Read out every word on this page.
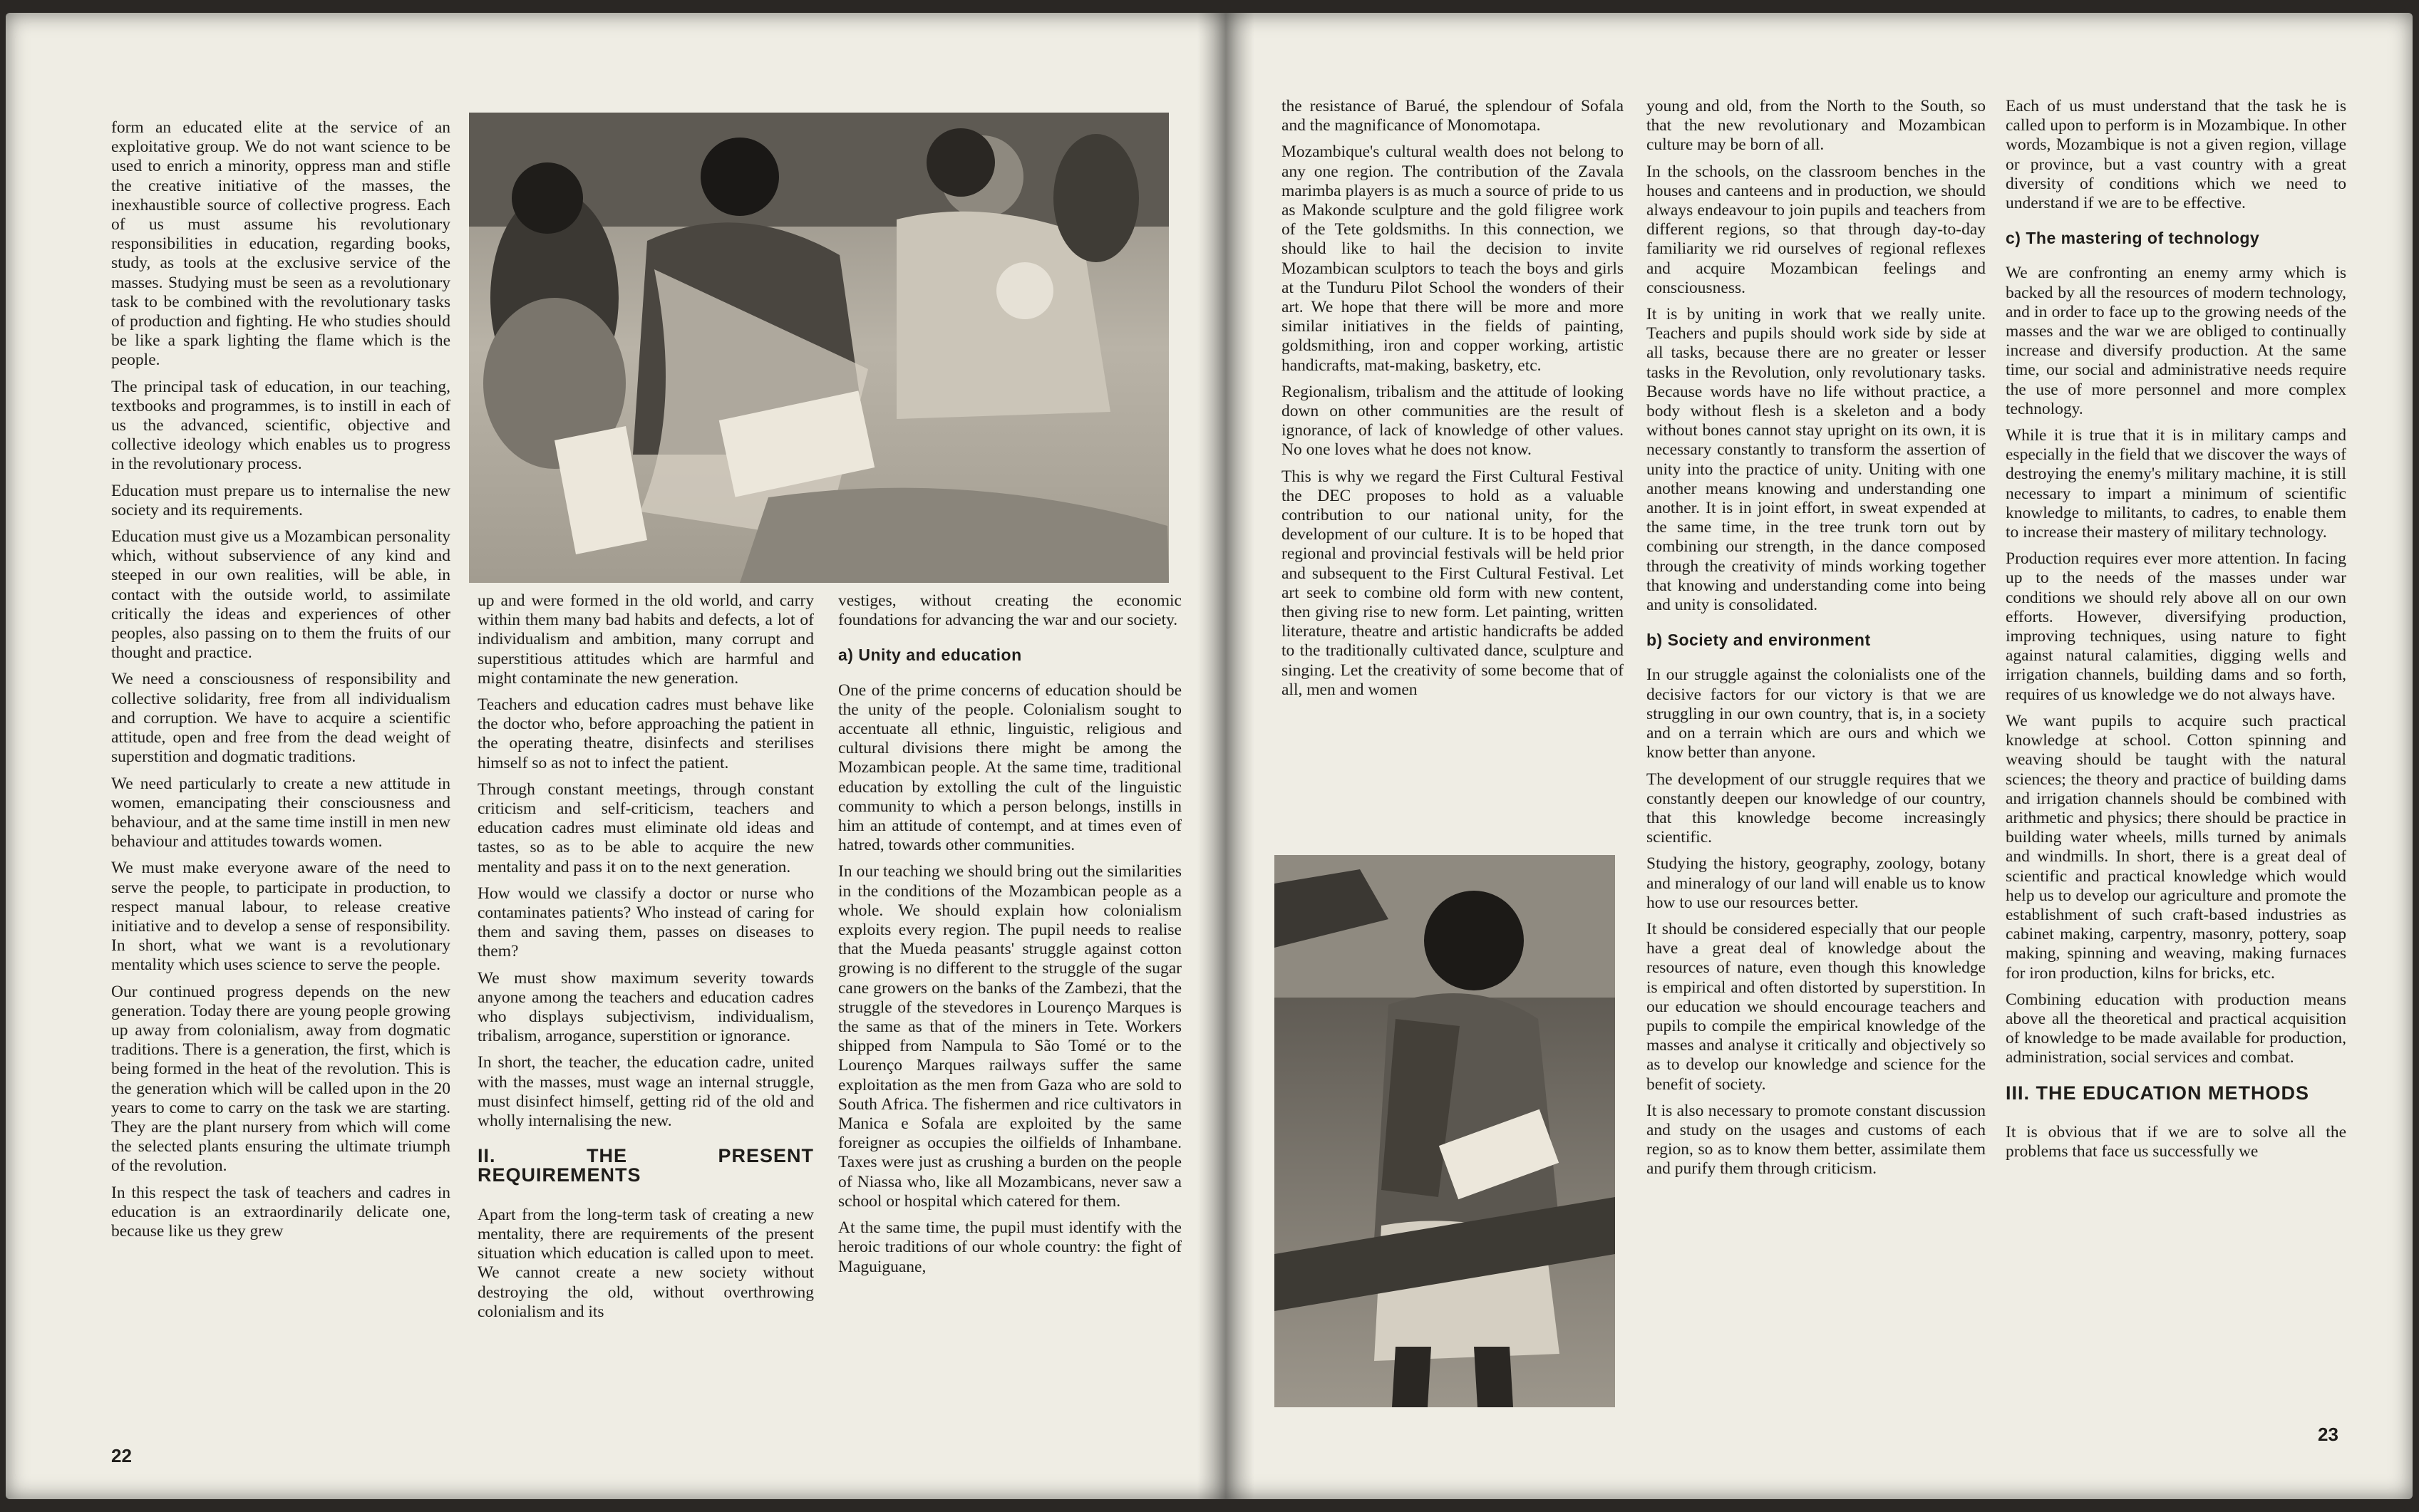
form an educated elite at the service of an exploitative group. We do not want science to be used to enrich a minority, oppress man and stifle the creative initiative of the masses, the inexhaustible source of collective progress. Each of us must assume his revolutionary responsibilities in education, regarding books, study, as tools at the exclusive service of the masses. Studying must be seen as a revolutionary task to be combined with the revolutionary tasks of production and fighting. He who studies should be like a spark lighting the flame which is the people.

The principal task of education, in our teaching, textbooks and programmes, is to instill in each of us the advanced, scientific, objective and collective ideology which enables us to progress in the revolutionary process.

Education must prepare us to internalise the new society and its requirements.

Education must give us a Mozambican personality which, without subservience of any kind and steeped in our own realities, will be able, in contact with the outside world, to assimilate critically the ideas and experiences of other peoples, also passing on to them the fruits of our thought and practice.

We need a consciousness of responsibility and collective solidarity, free from all individualism and corruption. We have to acquire a scientific attitude, open and free from the dead weight of superstition and dogmatic traditions.

We need particularly to create a new attitude in women, emancipating their consciousness and behaviour, and at the same time instill in men new behaviour and attitudes towards women.

We must make everyone aware of the need to serve the people, to participate in production, to respect manual labour, to release creative initiative and to develop a sense of responsibility. In short, what we want is a revolutionary mentality which uses science to serve the people.

Our continued progress depends on the new generation. Today there are young people growing up away from colonialism, away from dogmatic traditions. There is a generation, the first, which is being formed in the heat of the revolution. This is the generation which will be called upon in the 20 years to come to carry on the task we are starting. They are the plant nursery from which will come the selected plants ensuring the ultimate triumph of the revolution.

In this respect the task of teachers and cadres in education is an extraordinarily delicate one, because like us they grew

up and were formed in the old world, and carry within them many bad habits and defects, a lot of individualism and ambition, many corrupt and superstitious attitudes which are harmful and might contaminate the new generation.

Teachers and education cadres must behave like the doctor who, before approaching the patient in the operating theatre, disinfects and sterilises himself so as not to infect the patient.

Through constant meetings, through constant criticism and self-criticism, teachers and education cadres must eliminate old ideas and tastes, so as to be able to acquire the new mentality and pass it on to the next generation.

How would we classify a doctor or nurse who contaminates patients? Who instead of caring for them and saving them, passes on diseases to them?

We must show maximum severity towards anyone among the teachers and education cadres who displays subjectivism, individualism, tribalism, arrogance, superstition or ignorance.

In short, the teacher, the education cadre, united with the masses, must wage an internal struggle, must disinfect himself, getting rid of the old and wholly internalising the new.

II. THE PRESENT REQUIREMENTS

Apart from the long-term task of creating a new mentality, there are requirements of the present situation which education is called upon to meet. We cannot create a new society without destroying the old, without overthrowing colonialism and its

vestiges, without creating the economic foundations for advancing the war and our society.

a) Unity and education

One of the prime concerns of education should be the unity of the people. Colonialism sought to accentuate all ethnic, linguistic, religious and cultural divisions there might be among the Mozambican people. At the same time, traditional education by extolling the cult of the linguistic community to which a person belongs, instills in him an attitude of contempt, and at times even of hatred, towards other communities.

In our teaching we should bring out the similarities in the conditions of the Mozambican people as a whole. We should explain how colonialism exploits every region. The pupil needs to realise that the Mueda peasants' struggle against cotton growing is no different to the struggle of the sugar cane growers on the banks of the Zambezi, that the struggle of the stevedores in Lourenço Marques is the same as that of the miners in Tete. Workers shipped from Nampula to São Tomé or to the Lourenço Marques railways suffer the same exploitation as the men from Gaza who are sold to South Africa. The fishermen and rice cultivators in Manica e Sofala are exploited by the same foreigner as occupies the oilfields of Inhambane. Taxes were just as crushing a burden on the people of Niassa who, like all Mozambicans, never saw a school or hospital which catered for them.

At the same time, the pupil must identify with the heroic traditions of our whole country: the fight of Maguiguane,

22

the resistance of Barué, the splendour of Sofala and the magnificance of Monomotapa.

Mozambique's cultural wealth does not belong to any one region. The contribution of the Zavala marimba players is as much a source of pride to us as Makonde sculpture and the gold filigree work of the Tete goldsmiths. In this connection, we should like to hail the decision to invite Mozambican sculptors to teach the boys and girls at the Tunduru Pilot School the wonders of their art. We hope that there will be more and more similar initiatives in the fields of painting, goldsmithing, iron and copper working, artistic handicrafts, mat-making, basketry, etc.

Regionalism, tribalism and the attitude of looking down on other communities are the result of ignorance, of lack of knowledge of other values. No one loves what he does not know.

This is why we regard the First Cultural Festival the DEC proposes to hold as a valuable contribution to our national unity, for the development of our culture. It is to be hoped that regional and provincial festivals will be held prior and subsequent to the First Cultural Festival. Let art seek to combine old form with new content, then giving rise to new form. Let painting, written literature, theatre and artistic handicrafts be added to the traditionally cultivated dance, sculpture and singing. Let the creativity of some become that of all, men and women

young and old, from the North to the South, so that the new revolutionary and Mozambican culture may be born of all.

In the schools, on the classroom benches in the houses and canteens and in production, we should always endeavour to join pupils and teachers from different regions, so that through day-to-day familiarity we rid ourselves of regional reflexes and acquire Mozambican feelings and consciousness.

It is by uniting in work that we really unite. Teachers and pupils should work side by side at all tasks, because there are no greater or lesser tasks in the Revolution, only revolutionary tasks. Because words have no life without practice, a body without flesh is a skeleton and a body without bones cannot stay upright on its own, it is necessary constantly to transform the assertion of unity into the practice of unity. Uniting with one another means knowing and understanding one another. It is in joint effort, in sweat expended at the same time, in the tree trunk torn out by combining our strength, in the dance composed through the creativity of minds working together that knowing and understanding come into being and unity is consolidated.

b) Society and environment

In our struggle against the colonialists one of the decisive factors for our victory is that we are struggling in our own country, that is, in a society and on a terrain which are ours and which we know better than anyone.

The development of our struggle requires that we constantly deepen our knowledge of our country, that this knowledge become increasingly scientific.

Studying the history, geography, zoology, botany and mineralogy of our land will enable us to know how to use our resources better.

It should be considered especially that our people have a great deal of knowledge about the resources of nature, even though this knowledge is empirical and often distorted by superstition. In our education we should encourage teachers and pupils to compile the empirical knowledge of the masses and analyse it critically and objectively so as to develop our knowledge and science for the benefit of society.

It is also necessary to promote constant discussion and study on the usages and customs of each region, so as to know them better, assimilate them and purify them through criticism.

Each of us must understand that the task he is called upon to perform is in Mozambique. In other words, Mozambique is not a given region, village or province, but a vast country with a great diversity of conditions which we need to understand if we are to be effective.

c) The mastering of technology

We are confronting an enemy army which is backed by all the resources of modern technology, and in order to face up to the growing needs of the masses and the war we are obliged to continually increase and diversify production. At the same time, our social and administrative needs require the use of more personnel and more complex technology.

While it is true that it is in military camps and especially in the field that we discover the ways of destroying the enemy's military machine, it is still necessary to impart a minimum of scientific knowledge to militants, to cadres, to enable them to increase their mastery of military technology.

Production requires ever more attention. In facing up to the needs of the masses under war conditions we should rely above all on our own efforts. However, diversifying production, improving techniques, using nature to fight against natural calamities, digging wells and irrigation channels, building dams and so forth, requires of us knowledge we do not always have.

We want pupils to acquire such practical knowledge at school. Cotton spinning and weaving should be taught with the natural sciences; the theory and practice of building dams and irrigation channels should be combined with arithmetic and physics; there should be practice in building water wheels, mills turned by animals and windmills. In short, there is a great deal of scientific and practical knowledge which would help us to develop our agriculture and promote the establishment of such craft-based industries as cabinet making, carpentry, masonry, pottery, soap making, spinning and weaving, making furnaces for iron production, kilns for bricks, etc.

Combining education with production means above all the theoretical and practical acquisition of knowledge to be made available for production, administration, social services and combat.

III. THE EDUCATION METHODS

It is obvious that if we are to solve all the problems that face us successfully we

23
